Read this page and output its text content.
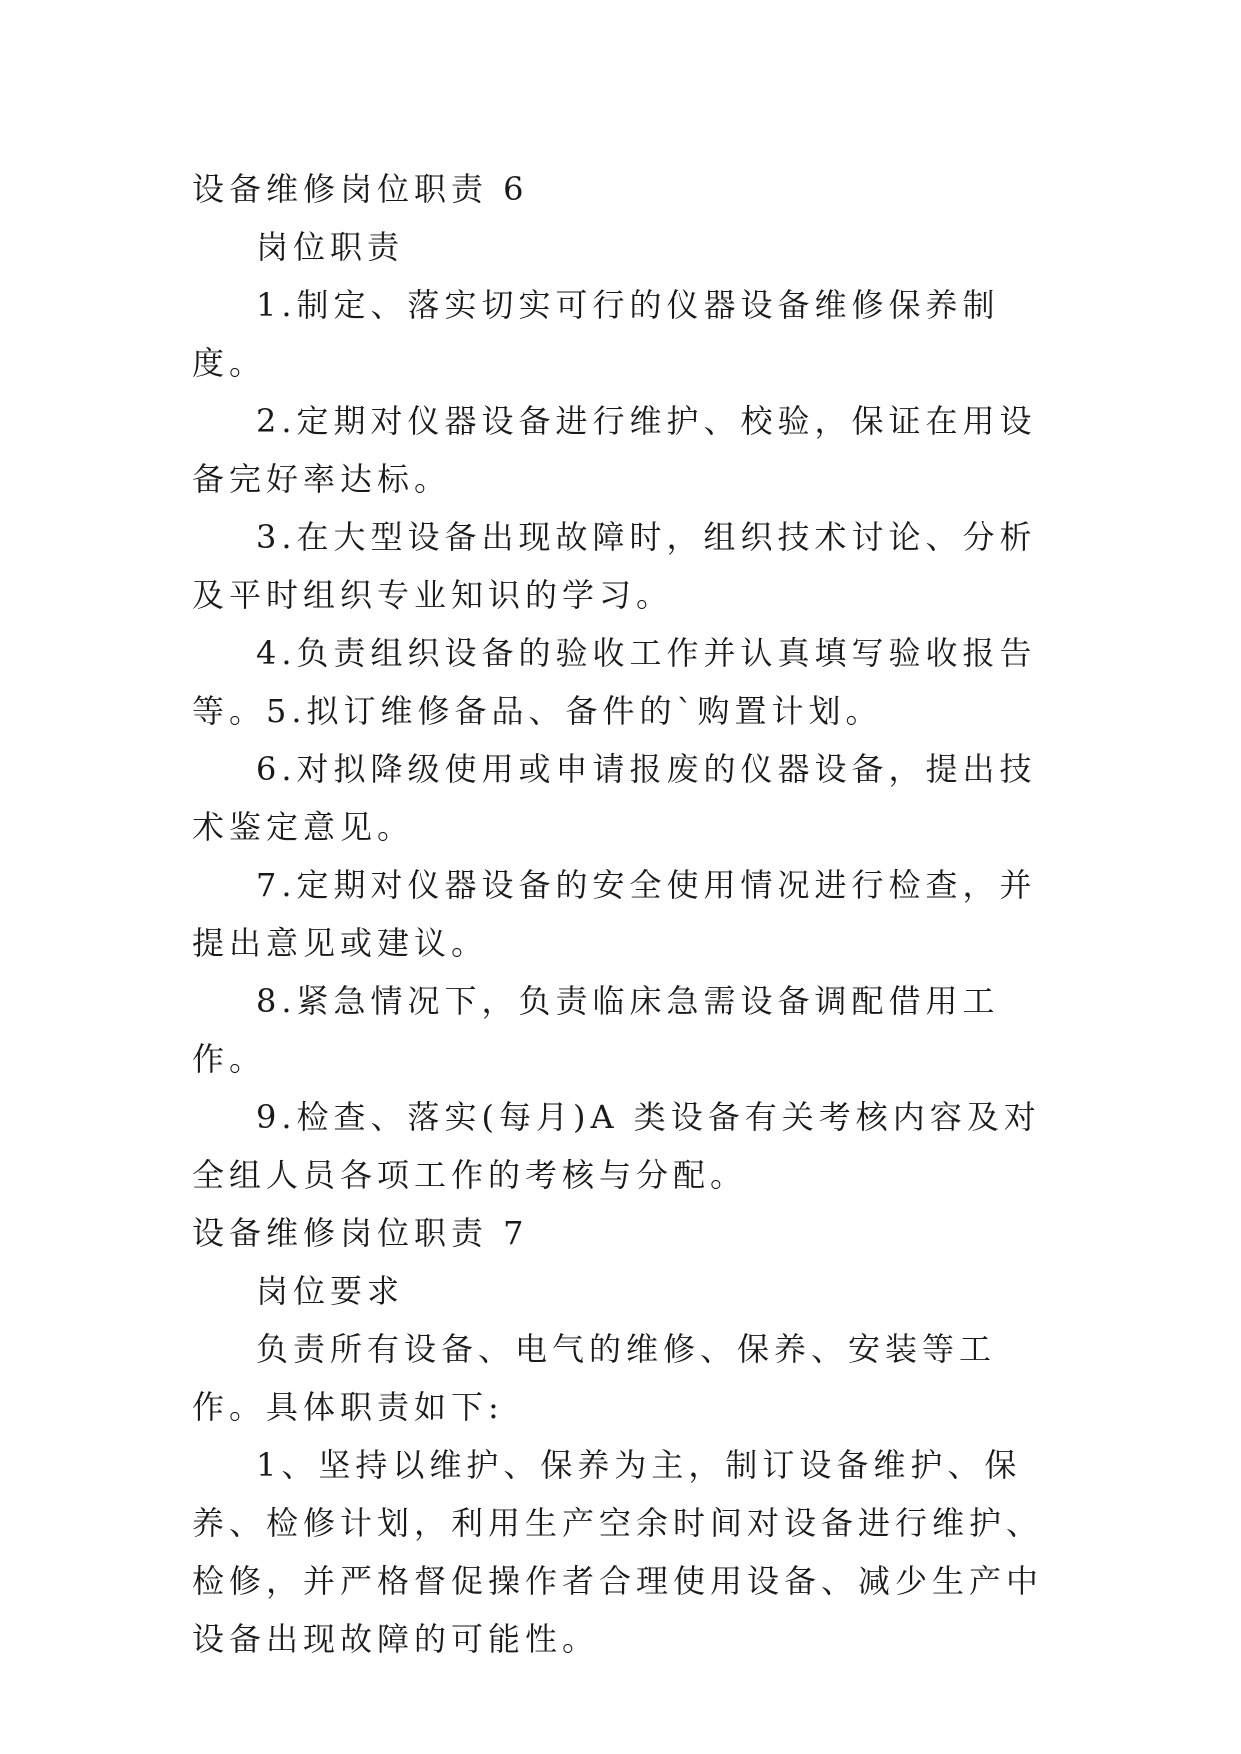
设备维修岗位职责 6

岗位职责

1.制定、落实切实可行的仪器设备维修保养制度。

2.定期对仪器设备进行维护、校验，保证在用设备完好率达标。

3.在大型设备出现故障时，组织技术讨论、分析及平时组织专业知识的学习。

4.负责组织设备的验收工作并认真填写验收报告等。5.拟订维修备品、备件的`购置计划。

6.对拟降级使用或申请报废的仪器设备，提出技术鉴定意见。

7.定期对仪器设备的安全使用情况进行检查，并提出意见或建议。

8.紧急情况下，负责临床急需设备调配借用工作。

9.检查、落实(每月)A 类设备有关考核内容及对全组人员各项工作的考核与分配。

设备维修岗位职责 7

岗位要求

负责所有设备、电气的维修、保养、安装等工作。具体职责如下:

1、坚持以维护、保养为主，制订设备维护、保养、检修计划，利用生产空余时间对设备进行维护、检修，并严格督促操作者合理使用设备、减少生产中设备出现故障的可能性。
